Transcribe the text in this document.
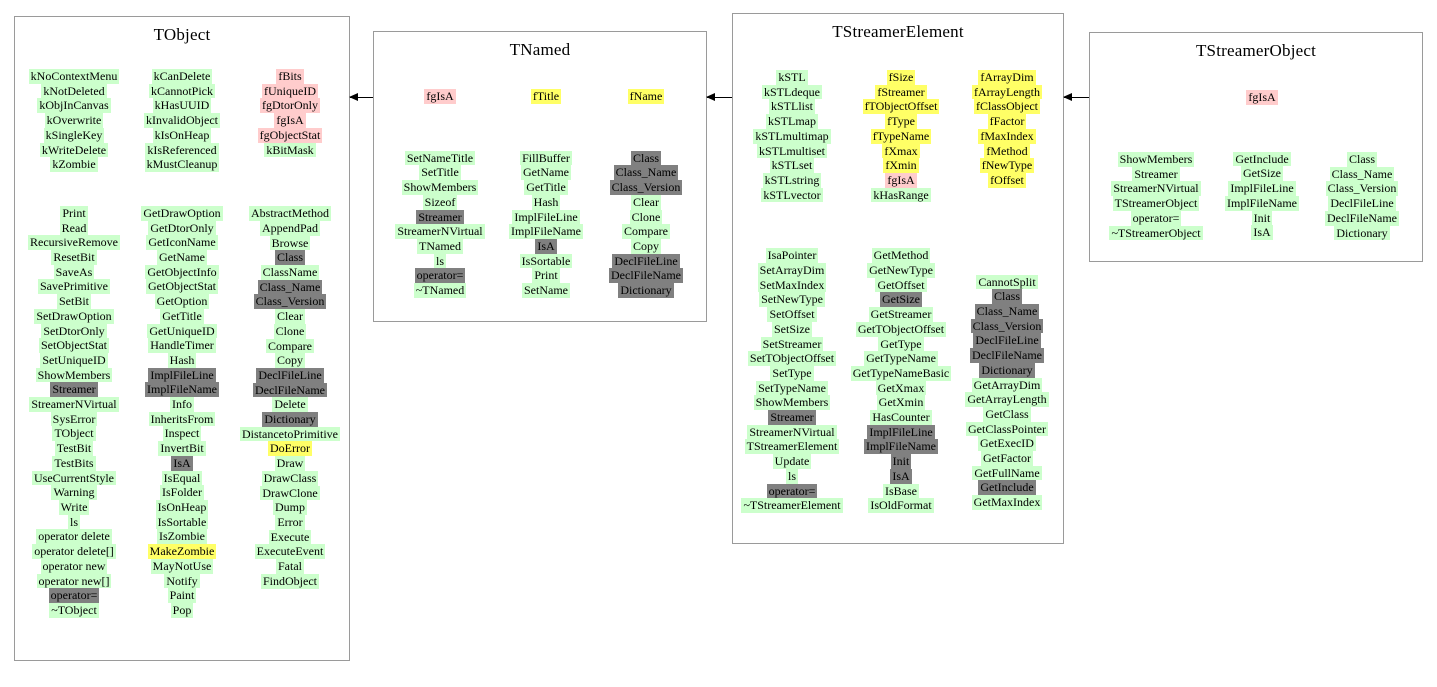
TObject
kNoContextMenu
kNotDeleted
kObjInCanvas
kOverwrite
kSingleKey
kWriteDelete
kZombie
Print
Read
RecursiveRemove
ResetBit
SaveAs
SavePrimitive
SetBit
SetDrawOption
SetDtorOnly
SetObjectStat
SetUniqueID
ShowMembers
Streamer
StreamerNVirtual
SysError
TObject
TestBit
TestBits
UseCurrentStyle
Warning
Write
ls
operator delete
operator delete[]
operator new
operator new[]
operator=
~TObject
kCanDelete
kCannotPick
kHasUUID
kInvalidObject
kIsOnHeap
kIsReferenced
kMustCleanup
GetDrawOption
GetDtorOnly
GetIconName
GetName
GetObjectInfo
GetObjectStat
GetOption
GetTitle
GetUniqueID
HandleTimer
Hash
ImplFileLine
ImplFileName
Info
InheritsFrom
Inspect
InvertBit
IsA
IsEqual
IsFolder
IsOnHeap
IsSortable
IsZombie
MakeZombie
MayNotUse
Notify
Paint
Pop
fBits
fUniqueID
fgDtorOnly
fgIsA
fgObjectStat
kBitMask
AbstractMethod
AppendPad
Browse
Class
ClassName
Class_Name
Class_Version
Clear
Clone
Compare
Copy
DeclFileLine
DeclFileName
Delete
Dictionary
DistancetoPrimitive
DoError
Draw
DrawClass
DrawClone
Dump
Error
Execute
ExecuteEvent
Fatal
FindObject
TNamed
fgIsA
SetNameTitle
SetTitle
ShowMembers
Sizeof
Streamer
StreamerNVirtual
TNamed
ls
operator=
~TNamed
fTitle
FillBuffer
GetName
GetTitle
Hash
ImplFileLine
ImplFileName
IsA
IsSortable
Print
SetName
fName
Class
Class_Name
Class_Version
Clear
Clone
Compare
Copy
DeclFileLine
DeclFileName
Dictionary
TStreamerElement
kSTL
kSTLdeque
kSTLlist
kSTLmap
kSTLmultimap
kSTLmultiset
kSTLset
kSTLstring
kSTLvector
IsaPointer
SetArrayDim
SetMaxIndex
SetNewType
SetOffset
SetSize
SetStreamer
SetTObjectOffset
SetType
SetTypeName
ShowMembers
Streamer
StreamerNVirtual
TStreamerElement
Update
ls
operator=
~TStreamerElement
fSize
fStreamer
fTObjectOffset
fType
fTypeName
fXmax
fXmin
fgIsA
kHasRange
GetMethod
GetNewType
GetOffset
GetSize
GetStreamer
GetTObjectOffset
GetType
GetTypeName
GetTypeNameBasic
GetXmax
GetXmin
HasCounter
ImplFileLine
ImplFileName
Init
IsA
IsBase
IsOldFormat
fArrayDim
fArrayLength
fClassObject
fFactor
fMaxIndex
fMethod
fNewType
fOffset
CannotSplit
Class
Class_Name
Class_Version
DeclFileLine
DeclFileName
Dictionary
GetArrayDim
GetArrayLength
GetClass
GetClassPointer
GetExecID
GetFactor
GetFullName
GetInclude
GetMaxIndex
TStreamerObject
ShowMembers
Streamer
StreamerNVirtual
TStreamerObject
operator=
~TStreamerObject
fgIsA
GetInclude
GetSize
ImplFileLine
ImplFileName
Init
IsA
Class
Class_Name
Class_Version
DeclFileLine
DeclFileName
Dictionary
